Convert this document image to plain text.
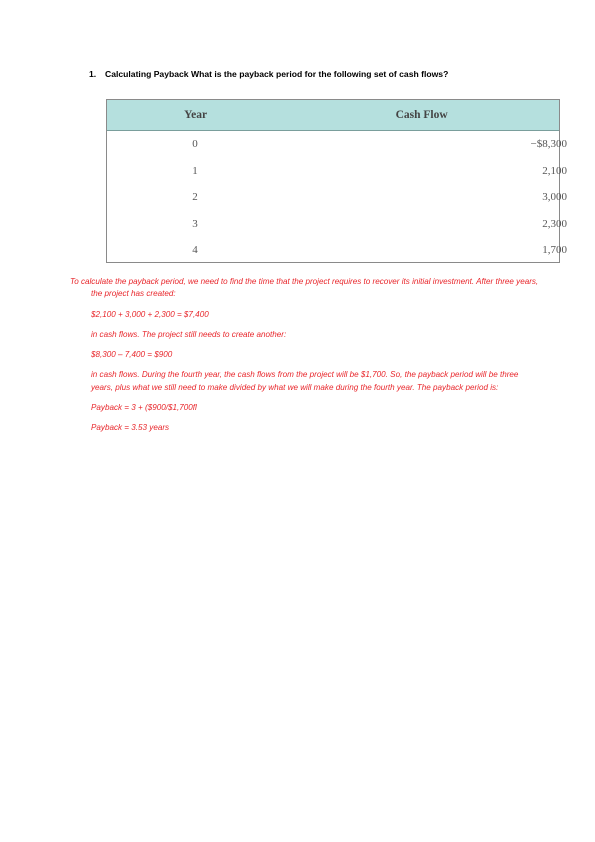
1. Calculating Payback What is the payback period for the following set of cash flows?
Year	Cash Flow
0	−$8,300
1	2,100
2	3,000
3	2,300
4	1,700

To calculate the payback period, we need to find the time that the project requires to recover its initial investment. After three years, the project has created:

$2,100 + 3,000 + 2,300 = $7,400

in cash flows. The project still needs to create another:

$8,300 – 7,400 = $900

in cash flows. During the fourth year, the cash flows from the project will be $1,700. So, the payback period will be three years, plus what we still need to make divided by what we will make during the fourth year. The payback period is:

Payback = 3 + ($900/$1,700fl

Payback = 3.53 years
